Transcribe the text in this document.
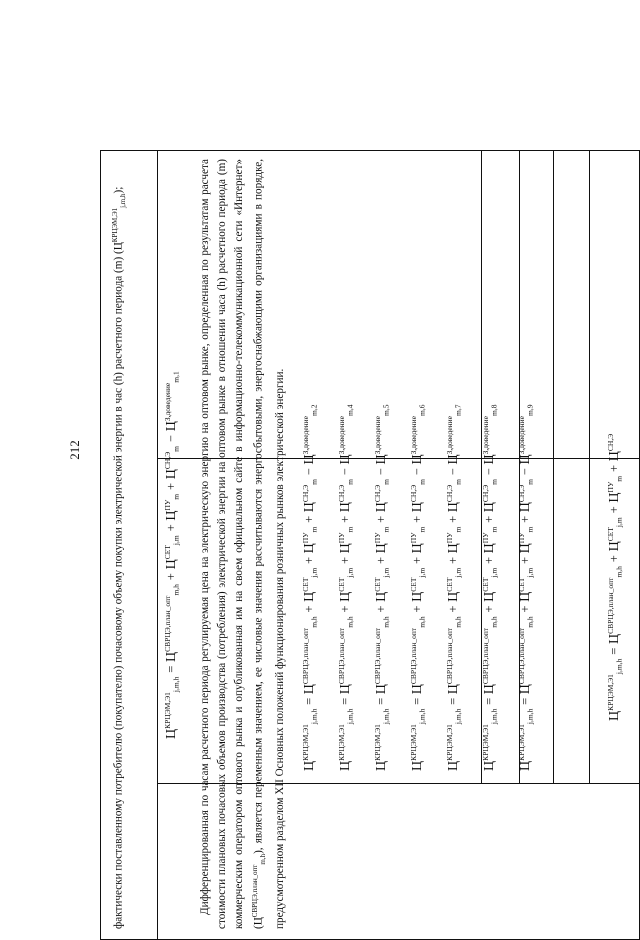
212	фактически поставленному потребителю (покупателю) почасовому объему покупки электрической энергии в час (h) расчетного периода (m) $(Ц^{КРЦЭМ,Э1}_{j,m,h})$;
$Ц^{КРЦЭМ,Э1}_{j,m,h} = Ц^{СВРЦЭ,план\_опт}_{m,h} + Ц^{СЕТ}_{j,m} + Ц^{ПУ}_m + Ц^{СН,Э}_m - Ц^{З,доведение}_{m,1}$ Дифференцированная по часам расчетного периода регулируемая цена на электрическую энергию на оптовом рынке, определенная по результатам расчета стоимости плановых почасовых объемов производства (потребления) электрической энергии на оптовом рынке в отношении часа (h) расчетного периода (m) коммерческим оператором оптового рынка и опубликованная им на своем официальном сайте в информационно-телекоммуникационной сети «Интернет» $(Ц^{СВРЦЭ,план\_опт}_{m,h})$, является переменным значением, ее числовые значения рассчитываются энергосбытовыми, энергоснабжающими организациями в порядке, предусмотренном разделом XII Основных положений функционирования розничных рынков электрической энергии. $Ц^{КРЦЭМ,Э1}_{j,m,h}=Ц^{СВРЦЭ,план\_опт}_{m,h}+Ц^{СЕТ}_{j,m}+Ц^{ПУ}_m+Ц^{СН,Э}_m-Ц^{З,доведение}_{m,2}$
$Ц^{КРЦЭМ,Э1}_{j,m,h}=Ц^{СВРЦЭ,план\_опт}_{m,h}+Ц^{СЕТ}_{j,m}+Ц^{ПУ}_m+Ц^{СН,Э}_m-Ц^{З,доведение}_{m,4}$
$Ц^{КРЦЭМ,Э1}_{j,m,h}=Ц^{СВРЦЭ,план\_опт}_{m,h}+Ц^{СЕТ}_{j,m}+Ц^{ПУ}_m+Ц^{СН,Э}_m-Ц^{З,доведение}_{m,5}$
$Ц^{КРЦЭМ,Э1}_{j,m,h}=Ц^{СВРЦЭ,план\_опт}_{m,h}+Ц^{СЕТ}_{j,m}+Ц^{ПУ}_m+Ц^{СН,Э}_m-Ц^{З,доведение}_{m,6}$
$Ц^{КРЦЭМ,Э1}_{j,m,h}=Ц^{СВРЦЭ,план\_опт}_{m,h}+Ц^{СЕТ}_{j,m}+Ц^{ПУ}_m+Ц^{СН,Э}_m-Ц^{З,доведение}_{m,7}$
$Ц^{КРЦЭМ,Э1}_{j,m,h}=Ц^{СВРЦЭ,план\_опт}_{m,h}+Ц^{СЕТ}_{j,m}+Ц^{ПУ}_m+Ц^{СН,Э}_m-Ц^{З,доведение}_{m,8}$
$Ц^{КРЦЭМ,Э1}_{j,m,h}=Ц^{СВРЦЭ,план\_опт}_{m,h}+Ц^{СЕТ}_{j,m}+Ц^{ПУ}_m+Ц^{СН,Э}_m-Ц^{З,доведение}_{m,9}$
$Ц^{КРЦЭМ,Э1}_{j,m,h} = Ц^{СВРЦЭ,план\_опт}_{m,h} + Ц^{СЕТ}_{j,m} + Ц^{ПУ}_m + Ц^{СН,Э}$
